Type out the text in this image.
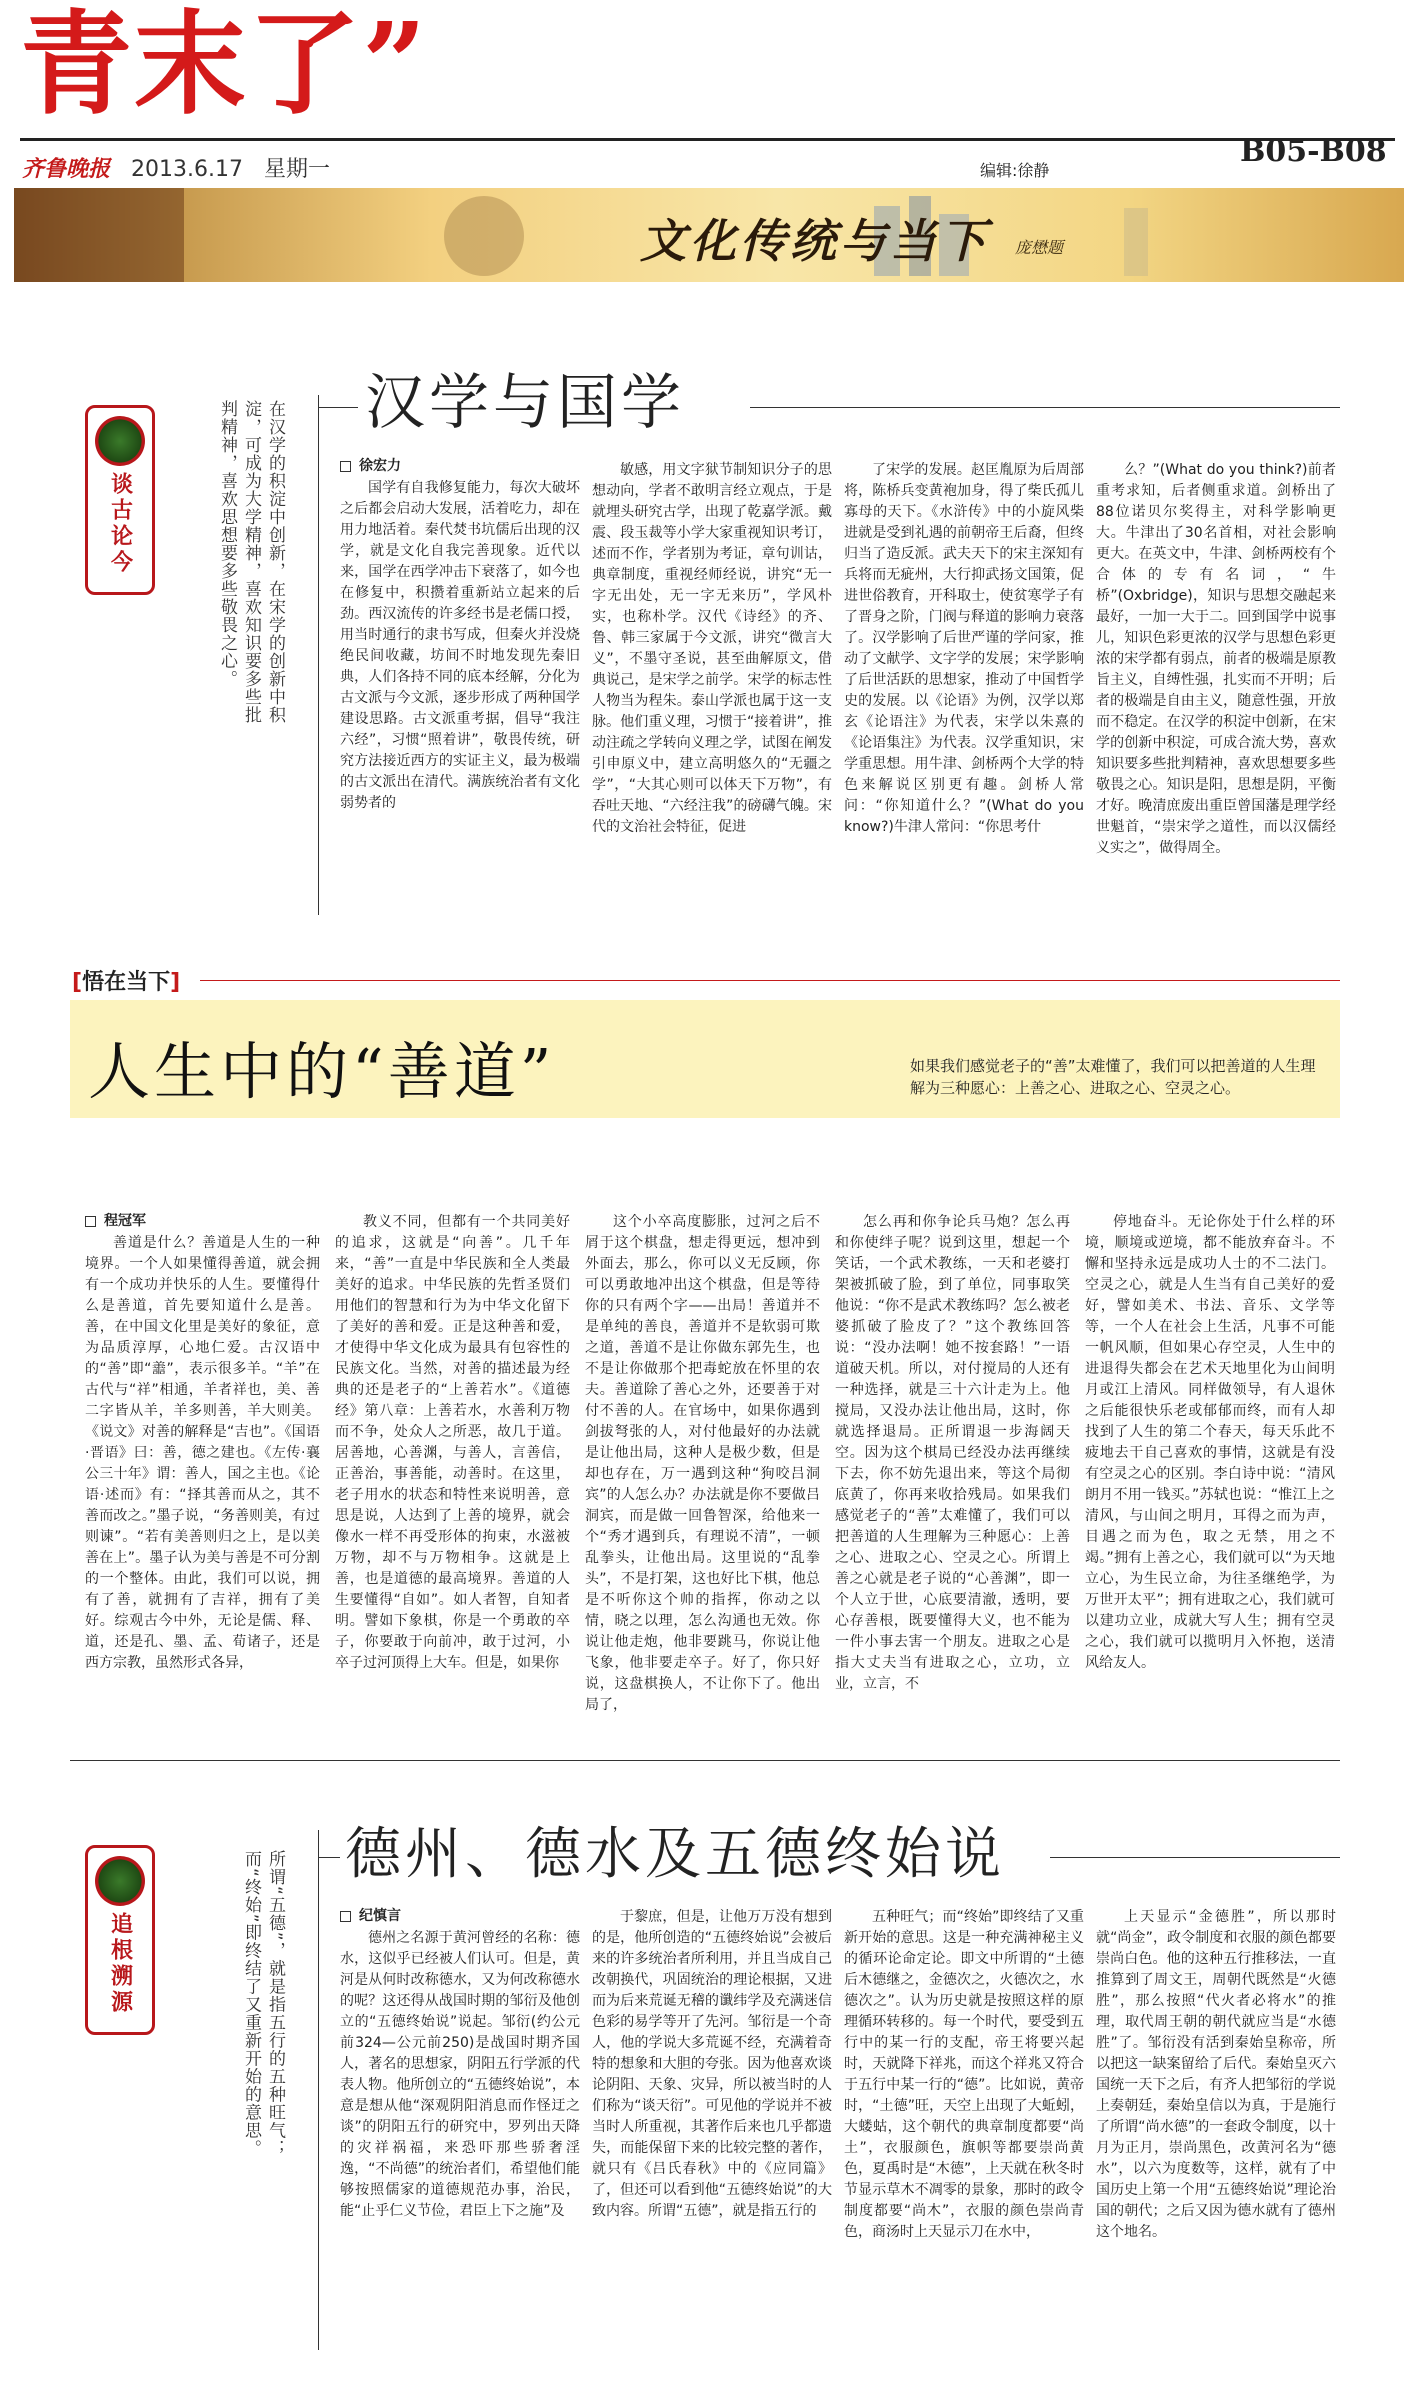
青末了”
齐鲁晚报 2013.6.17 星期一	编辑:徐静
B05-B08
文化传统与当下 庞懋题
谈古论今	在汉学的积淀中创新，在宋学的创新中积淀，可成为大学精神，喜欢知识要多些批判精神，喜欢思想要多些敬畏之心。	汉学与国学
徐宏力
国学有自我修复能力，每次大破坏之后都会启动大发展，活着吃力，却在用力地活着。秦代焚书坑儒后出现的汉学，就是文化自我完善现象。近代以来，国学在西学冲击下衰落了，如今也在修复中，积攒着重新站立起来的后劲。西汉流传的许多经书是老儒口授，用当时通行的隶书写成，但秦火并没烧绝民间收藏，坊间不时地发现先秦旧典，人们各持不同的底本经解，分化为古文派与今文派，逐步形成了两种国学建设思路。古文派重考据，倡导“我注六经”，习惯“照着讲”，敬畏传统，研究方法接近西方的实证主义，最为极端的古文派出在清代。满族统治者有文化弱势者的
敏感，用文字狱节制知识分子的思想动向，学者不敢明言经立观点，于是就埋头研究古学，出现了乾嘉学派。戴震、段玉裁等小学大家重视知识考订，述而不作，学者别为考证，章句训诂，典章制度，重视经师经说，讲究“无一字无出处，无一字无来历”，学风朴实，也称朴学。汉代《诗经》的齐、鲁、韩三家属于今文派，讲究“微言大义”，不墨守圣说，甚至曲解原文，借典说己，是宋学之前学。宋学的标志性人物当为程朱。泰山学派也属于这一支脉。他们重义理，习惯于“接着讲”，推动注疏之学转向义理之学，试图在阐发引申原义中，建立高明悠久的“无疆之学”，“大其心则可以体天下万物”，有吞吐天地、“六经注我”的磅礴气魄。宋代的文治社会特征，促进
了宋学的发展。赵匡胤原为后周部将，陈桥兵变黄袍加身，得了柴氏孤儿寡母的天下。《水浒传》中的小旋风柴进就是受到礼遇的前朝帝王后裔，但终归当了造反派。武夫天下的宋主深知有兵将而无疵州，大行抑武扬文国策，促进世俗教育，开科取士，使贫寒学子有了晋身之阶，门阀与释道的影响力衰落了。汉学影响了后世严谨的学问家，推动了文献学、文字学的发展；宋学影响了后世活跃的思想家，推动了中国哲学史的发展。以《论语》为例，汉学以郑玄《论语注》为代表，宋学以朱熹的《论语集注》为代表。汉学重知识，宋学重思想。用牛津、剑桥两个大学的特色来解说区别更有趣。剑桥人常问：“你知道什么？”(What do you know?)牛津人常问：“你思考什
么？”(What do you think?)前者重考求知，后者侧重求道。剑桥出了88位诺贝尔奖得主，对科学影响更大。牛津出了30名首相，对社会影响更大。在英文中，牛津、剑桥两校有个合体的专有名词，“牛桥”(Oxbridge)，知识与思想交融起来最好，一加一大于二。回到国学中说事儿，知识色彩更浓的汉学与思想色彩更浓的宋学都有弱点，前者的极端是原教旨主义，自缚性强，扎实而不开明；后者的极端是自由主义，随意性强，开放而不稳定。在汉学的积淀中创新，在宋学的创新中积淀，可成合流大势，喜欢知识要多些批判精神，喜欢思想要多些敬畏之心。知识是阳，思想是阴，平衡才好。晚清庶废出重臣曾国藩是理学经世魁首，“崇宋学之道性，而以汉儒经义实之”，做得周全。
[悟在当下]
人生中的“善道”	如果我们感觉老子的“善”太难懂了，我们可以把善道的人生理解为三种愿心：上善之心、进取之心、空灵之心。
程冠军
善道是什么？善道是人生的一种境界。一个人如果懂得善道，就会拥有一个成功并快乐的人生。要懂得什么是善道，首先要知道什么是善。善，在中国文化里是美好的象征，意为品质淳厚，心地仁爱。古汉语中的“善”即“譱”，表示很多羊。“羊”在古代与“祥”相通，羊者祥也，美、善二字皆从羊，羊多则善，羊大则美。《说文》对善的解释是“吉也”。《国语·晋语》曰：善，德之建也。《左传·襄公三十年》谓：善人，国之主也。《论语·述而》有：“择其善而从之，其不善而改之。”墨子说，“务善则美，有过则谏”。“若有美善则归之上，是以美善在上”。墨子认为美与善是不可分割的一个整体。由此，我们可以说，拥有了善，就拥有了吉祥，拥有了美好。综观古今中外，无论是儒、释、道，还是孔、墨、孟、荀诸子，还是西方宗教，虽然形式各异，
教义不同，但都有一个共同美好的追求，这就是“向善”。几千年来，“善”一直是中华民族和全人类最美好的追求。中华民族的先哲圣贤们用他们的智慧和行为为中华文化留下了美好的善和爱。正是这种善和爱，才使得中华文化成为最具有包容性的民族文化。当然，对善的描述最为经典的还是老子的“上善若水”。《道德经》第八章：上善若水，水善利万物而不争，处众人之所恶，故几于道。居善地，心善渊，与善人，言善信，正善治，事善能，动善时。在这里，老子用水的状态和特性来说明善，意思是说，人达到了上善的境界，就会像水一样不再受形体的拘束，水滋被万物，却不与万物相争。这就是上善，也是道德的最高境界。善道的人生要懂得“自如”。如人者智，自知者明。譬如下象棋，你是一个勇敢的卒子，你要敢于向前冲，敢于过河，小卒子过河顶得上大车。但是，如果你
这个小卒高度膨胀，过河之后不屑于这个棋盘，想走得更远，想冲到外面去，那么，你可以义无反顾，你可以勇敢地冲出这个棋盘，但是等待你的只有两个字——出局！善道并不是单纯的善良，善道并不是软弱可欺之道，善道不是让你做东郭先生，也不是让你做那个把毒蛇放在怀里的农夫。善道除了善心之外，还要善于对付不善的人。在官场中，如果你遇到剑拔弩张的人，对付他最好的办法就是让他出局，这种人是极少数，但是却也存在，万一遇到这种“狗咬吕洞宾”的人怎么办？办法就是你不要做吕洞宾，而是做一回鲁智深，给他来一个“秀才遇到兵，有理说不清”，一顿乱拳头，让他出局。这里说的“乱拳头”，不是打架，这也好比下棋，他总是不听你这个帅的指挥，你动之以情，晓之以理，怎么沟通也无效。你说让他走炮，他非要跳马，你说让他飞象，他非要走卒子。好了，你只好说，这盘棋换人，不让你下了。他出局了，
怎么再和你争论兵马炮？怎么再和你使绊子呢？说到这里，想起一个笑话，一个武术教练，一天和老婆打架被抓破了脸，到了单位，同事取笑他说：“你不是武术教练吗？怎么被老婆抓破了脸皮了？”这个教练回答说：“没办法啊！她不按套路！”一语道破天机。所以，对付搅局的人还有一种选择，就是三十六计走为上。他搅局，又没办法让他出局，这时，你就选择退局。正所谓退一步海阔天空。因为这个棋局已经没办法再继续下去，你不妨先退出来，等这个局彻底黄了，你再来收拾残局。如果我们感觉老子的“善”太难懂了，我们可以把善道的人生理解为三种愿心：上善之心、进取之心、空灵之心。所谓上善之心就是老子说的“心善渊”，即一个人立于世，心底要清澈，透明，要心存善根，既要懂得大义，也不能为一件小事去害一个朋友。进取之心是指大丈夫当有进取之心，立功，立业，立言，不
停地奋斗。无论你处于什么样的环境，顺境或逆境，都不能放弃奋斗。不懈和坚持永远是成功人士的不二法门。空灵之心，就是人生当有自己美好的爱好，譬如美术、书法、音乐、文学等等，一个人在社会上生活，凡事不可能一帆风顺，但如果心存空灵，人生中的进退得失都会在艺术天地里化为山间明月或江上清风。同样做领导，有人退休之后能很快乐老或郁郁而终，而有人却找到了人生的第二个春天，每天乐此不疲地去干自己喜欢的事情，这就是有没有空灵之心的区别。李白诗中说：“清风朗月不用一钱买。”苏轼也说：“惟江上之清风，与山间之明月，耳得之而为声，目遇之而为色，取之无禁，用之不竭。”拥有上善之心，我们就可以“为天地立心，为生民立命，为往圣继绝学，为万世开太平”；拥有进取之心，我们就可以建功立业，成就大写人生；拥有空灵之心，我们就可以揽明月入怀抱，送清风给友人。
追根溯源	所谓“五德”，就是指五行的五种旺气；而“终始”即终结了又重新开始的意思。	德州、德水及五德终始说
纪慎言
德州之名源于黄河曾经的名称：德水，这似乎已经被人们认可。但是，黄河是从何时改称德水，又为何改称德水的呢？这还得从战国时期的邹衍及他创立的“五德终始说”说起。邹衍(约公元前324—公元前250)是战国时期齐国人，著名的思想家，阴阳五行学派的代表人物。他所创立的“五德终始说”，本意是想从他“深观阴阳消息而作怪迂之谈”的阴阳五行的研究中，罗列出天降的灾祥祸福，来恐吓那些骄奢淫逸，“不尚德”的统治者们，希望他们能够按照儒家的道德规范办事，治民，能“止乎仁义节俭，君臣上下之施”及
于黎庶，但是，让他万万没有想到的是，他所创造的“五德终始说”会被后来的许多统治者所利用，并且当成自己改朝换代，巩固统治的理论根据，又进而为后来荒诞无稽的谶纬学及充满迷信色彩的易学等开了先河。邹衍是一个奇人，他的学说大多荒诞不经，充满着奇特的想象和大胆的夸张。因为他喜欢谈论阴阳、天象、灾异，所以被当时的人们称为“谈天衍”。可见他的学说并不被当时人所重视，其著作后来也几乎都遗失，而能保留下来的比较完整的著作，就只有《吕氏春秋》中的《应同篇》了，但还可以看到他“五德终始说”的大致内容。所谓“五德”，就是指五行的
五种旺气；而“终始”即终结了又重新开始的意思。这是一种充满神秘主义的循环论命定论。即文中所谓的“土德后木德继之，金德次之，火德次之，水德次之”。认为历史就是按照这样的原理循环转移的。每一个时代，要受到五行中的某一行的支配，帝王将要兴起时，天就降下祥兆，而这个祥兆又符合于五行中某一行的“德”。比如说，黄帝时，“土德”旺，天空上出现了大蚯蚓，大蝼蛄，这个朝代的典章制度都要“尚土”，衣服颜色，旗帜等都要崇尚黄色，夏禹时是“木德”，上天就在秋冬时节显示草木不凋零的景象，那时的政令制度都要“尚木”，衣服的颜色崇尚青色，商汤时上天显示刀在水中，
上天显示“金德胜”，所以那时就“尚金”，政令制度和衣服的颜色都要崇尚白色。他的这种五行推移法，一直推算到了周文王，周朝代既然是“火德胜”，那么按照“代火者必将水”的推理，取代周王朝的朝代就应当是“水德胜”了。邹衍没有活到秦始皇称帝，所以把这一缺案留给了后代。秦始皇灭六国统一天下之后，有齐人把邹衍的学说上奏朝廷，秦始皇信以为真，于是施行了所谓“尚水德”的一套政令制度，以十月为正月，崇尚黑色，改黄河名为“德水”，以六为度数等，这样，就有了中国历史上第一个用“五德终始说”理论治国的朝代；之后又因为德水就有了德州这个地名。
